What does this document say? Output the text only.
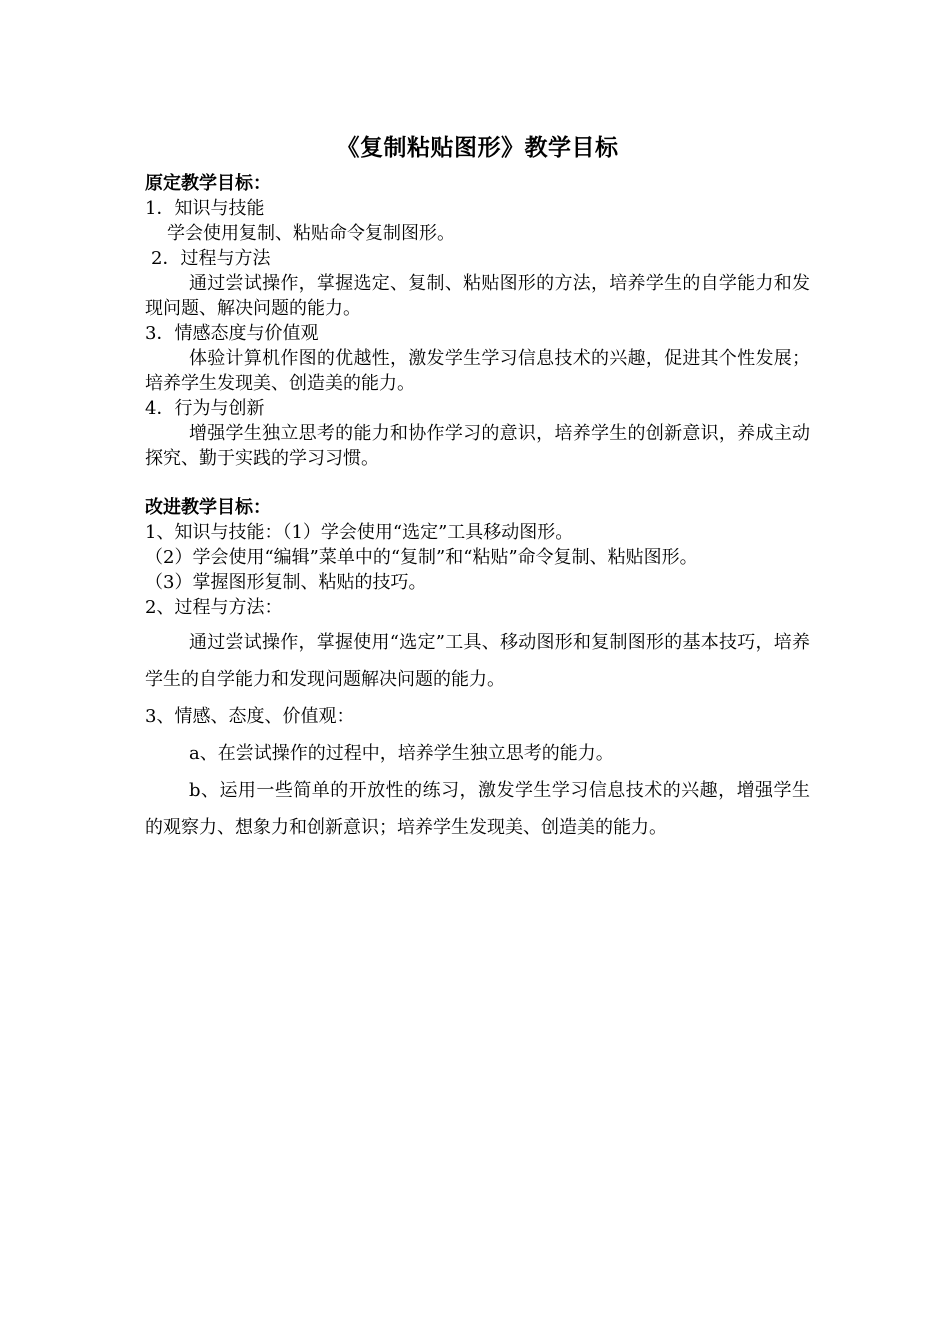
《复制粘贴图形》教学目标

原定教学目标：

1．知识与技能

学会使用复制、粘贴命令复制图形。

2．过程与方法

通过尝试操作，掌握选定、复制、粘贴图形的方法，培养学生的自学能力和发现问题、解决问题的能力。

3．情感态度与价值观

体验计算机作图的优越性，激发学生学习信息技术的兴趣，促进其个性发展；培养学生发现美、创造美的能力。

4．行为与创新

增强学生独立思考的能力和协作学习的意识，培养学生的创新意识，养成主动探究、勤于实践的学习习惯。

改进教学目标：

1、知识与技能：（1）学会使用“选定”工具移动图形。

（2）学会使用“编辑”菜单中的“复制”和“粘贴”命令复制、粘贴图形。

（3）掌握图形复制、粘贴的技巧。

2、过程与方法：

通过尝试操作，掌握使用“选定”工具、移动图形和复制图形的基本技巧，培养学生的自学能力和发现问题解决问题的能力。

3、情感、态度、价值观：

a、在尝试操作的过程中，培养学生独立思考的能力。

b、运用一些简单的开放性的练习，激发学生学习信息技术的兴趣，增强学生的观察力、想象力和创新意识；培养学生发现美、创造美的能力。
